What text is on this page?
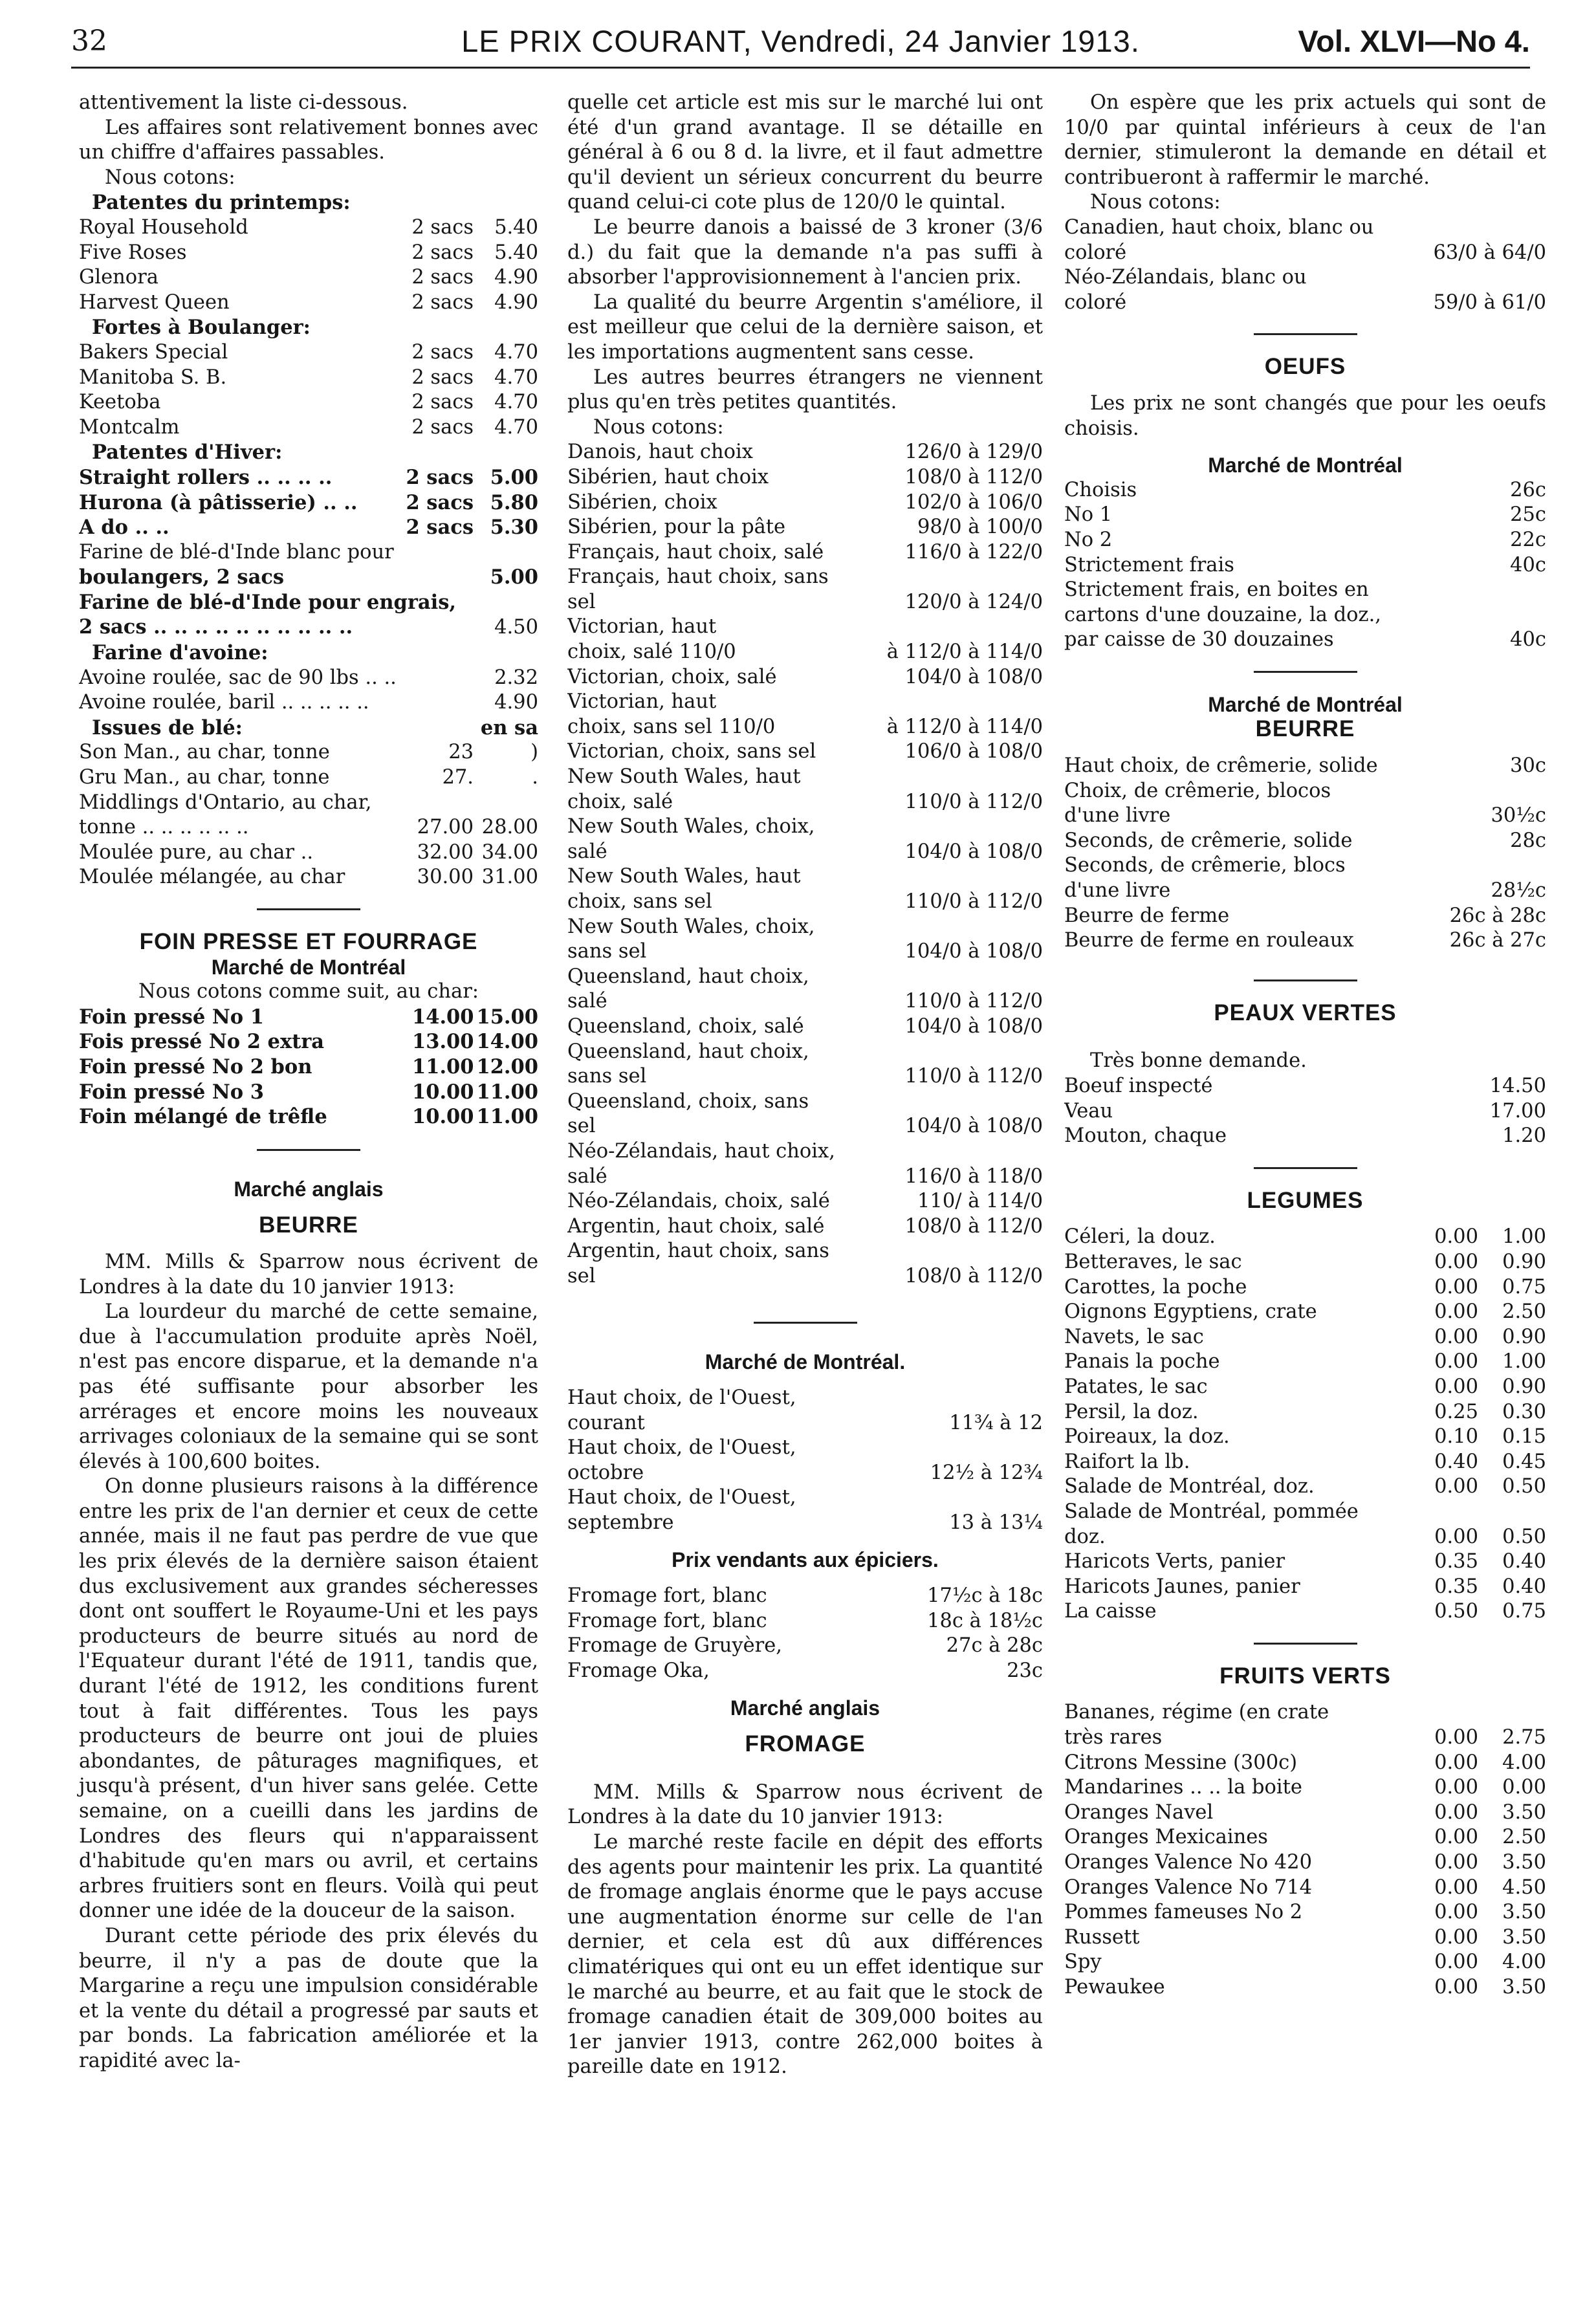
32	LE PRIX COURANT, Vendredi, 24 Janvier 1913.	Vol. XLVI—No 4.

attentivement la liste ci-dessous.

Les affaires sont relativement bonnes avec un chiffre d'affaires passables.

Nous cotons:

Patentes du printemps:
Royal Household	2 sacs	5.40
Five Roses	2 sacs	5.40
Glenora	2 sacs	4.90
Harvest Queen	2 sacs	4.90
Fortes à Boulanger:
Bakers Special	2 sacs	4.70
Manitoba S. B.	2 sacs	4.70
Keetoba	2 sacs	4.70
Montcalm	2 sacs	4.70
Patentes d'Hiver:
Straight rollers .. .. .. ..	2 sacs 5.00
Hurona (à pâtisserie) .. ..	2 sacs 5.80
A do .. ..	2 sacs 5.30
Farine de blé-d'Inde blanc pour
boulangers, 2 sacs	5.00
Farine de blé-d'Inde pour engrais,
2 sacs .. .. .. .. .. .. .. .. .. ..	4.50
Farine d'avoine:
Avoine roulée, sac de 90 lbs .. ..	2.32
Avoine roulée, baril .. .. .. .. ..	4.90
Issues de blé:	en sa
Son Man., au char, tonne	23	)
Gru Man., au char, tonne	27.	.
Middlings d'Ontario, au char,
tonne .. .. .. .. .. ..	27.00 28.00
Moulée pure, au char ..	32.00 34.00
Moulée mélangée, au char	30.00 31.00

FOIN PRESSE ET FOURRAGE

Marché de Montréal

Nous cotons comme suit, au char:

Foin pressé No 1	14.00 15.00
Fois pressé No 2 extra	13.00 14.00
Foin pressé No 2 bon	11.00 12.00
Foin pressé No 3	10.00 11.00
Foin mélangé de trêfle	10.00 11.00

Marché anglais

BEURRE

MM. Mills & Sparrow nous écrivent de Londres à la date du 10 janvier 1913:

La lourdeur du marché de cette semaine, due à l'accumulation produite après Noël, n'est pas encore disparue, et la demande n'a pas été suffisante pour absorber les arrérages et encore moins les nouveaux arrivages coloniaux de la semaine qui se sont élevés à 100,600 boites.

On donne plusieurs raisons à la différence entre les prix de l'an dernier et ceux de cette année, mais il ne faut pas perdre de vue que les prix élevés de la dernière saison étaient dus exclusivement aux grandes sécheresses dont ont souffert le Royaume-Uni et les pays producteurs de beurre situés au nord de l'Equateur durant l'été de 1911, tandis que, durant l'été de 1912, les conditions furent tout à fait différentes. Tous les pays producteurs de beurre ont joui de pluies abondantes, de pâturages magnifiques, et jusqu'à présent, d'un hiver sans gelée. Cette semaine, on a cueilli dans les jardins de Londres des fleurs qui n'apparaissent d'habitude qu'en mars ou avril, et certains arbres fruitiers sont en fleurs. Voilà qui peut donner une idée de la douceur de la saison.

Durant cette période des prix élevés du beurre, il n'y a pas de doute que la Margarine a reçu une impulsion considérable et la vente du détail a progressé par sauts et par bonds. La fabrication améliorée et la rapidité avec la-

quelle cet article est mis sur le marché lui ont été d'un grand avantage. Il se détaille en général à 6 ou 8 d. la livre, et il faut admettre qu'il devient un sérieux concurrent du beurre quand celui-ci cote plus de 120/0 le quintal.

Le beurre danois a baissé de 3 kroner (3/6 d.) du fait que la demande n'a pas suffi à absorber l'approvisionnement à l'ancien prix.

La qualité du beurre Argentin s'améliore, il est meilleur que celui de la dernière saison, et les importations augmentent sans cesse.

Les autres beurres étrangers ne viennent plus qu'en très petites quantités.

Nous cotons:

Danois, haut choix	126/0 à 129/0
Sibérien, haut choix	108/0 à 112/0
Sibérien, choix	102/0 à 106/0
Sibérien, pour la pâte	98/0 à 100/0
Français, haut choix, salé	116/0 à 122/0
Français, haut choix, sans
sel	120/0 à 124/0
Victorian, haut
choix, salé 110/0	à 112/0 à 114/0
Victorian, choix, salé	104/0 à 108/0
Victorian, haut
choix, sans sel 110/0	à 112/0 à 114/0
Victorian, choix, sans sel	106/0 à 108/0
New South Wales, haut
choix, salé	110/0 à 112/0
New South Wales, choix,
salé	104/0 à 108/0
New South Wales, haut
choix, sans sel	110/0 à 112/0
New South Wales, choix,
sans sel	104/0 à 108/0
Queensland, haut choix,
salé	110/0 à 112/0
Queensland, choix, salé	104/0 à 108/0
Queensland, haut choix,
sans sel	110/0 à 112/0
Queensland, choix, sans
sel	104/0 à 108/0
Néo-Zélandais, haut choix,
salé	116/0 à 118/0
Néo-Zélandais, choix, salé	110/ à 114/0
Argentin, haut choix, salé	108/0 à 112/0
Argentin, haut choix, sans
sel	108/0 à 112/0

Marché de Montréal.

Haut choix, de l'Ouest,
courant	11¾ à 12
Haut choix, de l'Ouest,
octobre	12½ à 12¾
Haut choix, de l'Ouest,
septembre	13 à 13¼

Prix vendants aux épiciers.

Fromage fort, blanc	17½c à 18c
Fromage fort, blanc	18c à 18½c
Fromage de Gruyère,	27c à 28c
Fromage Oka,	23c

Marché anglais

FROMAGE

MM. Mills & Sparrow nous écrivent de Londres à la date du 10 janvier 1913:

Le marché reste facile en dépit des efforts des agents pour maintenir les prix. La quantité de fromage anglais énorme que le pays accuse une augmentation énorme sur celle de l'an dernier, et cela est dû aux différences climatériques qui ont eu un effet identique sur le marché au beurre, et au fait que le stock de fromage canadien était de 309,000 boites au 1er janvier 1913, contre 262,000 boites à pareille date en 1912.

On espère que les prix actuels qui sont de 10/0 par quintal inférieurs à ceux de l'an dernier, stimuleront la demande en détail et contribueront à raffermir le marché.

Nous cotons:

Canadien, haut choix, blanc ou
coloré	63/0 à 64/0
Néo-Zélandais, blanc ou
coloré	59/0 à 61/0

OEUFS

Les prix ne sont changés que pour les oeufs choisis.

Marché de Montréal

Choisis	26c
No 1	25c
No 2	22c
Strictement frais	40c
Strictement frais, en boites en cartons d'une douzaine, la doz., par caisse de 30 douzaines	40c

Marché de Montréal

BEURRE

Haut choix, de crêmerie, solide	30c
Choix, de crêmerie, blocos d'une livre	30½c
Seconds, de crêmerie, solide	28c
Seconds, de crêmerie, blocs d'une livre	28½c
Beurre de ferme	26c à 28c
Beurre de ferme en rouleaux	26c à 27c

PEAUX VERTES

Très bonne demande.

Boeuf inspecté	14.50
Veau	17.00
Mouton, chaque	1.20

LEGUMES

Céleri, la douz.	0.00	1.00
Betteraves, le sac	0.00	0.90
Carottes, la poche	0.00	0.75
Oignons Egyptiens, crate	0.00	2.50
Navets, le sac	0.00	0.90
Panais la poche	0.00	1.00
Patates, le sac	0.00	0.90
Persil, la doz.	0.25	0.30
Poireaux, la doz.	0.10	0.15
Raifort la lb.	0.40	0.45
Salade de Montréal, doz.	0.00	0.50
Salade de Montréal, pommée
doz.	0.00	0.50
Haricots Verts, panier	0.35	0.40
Haricots Jaunes, panier	0.35	0.40
La caisse	0.50	0.75

FRUITS VERTS

Bananes, régime (en crate
très rares	0.00	2.75
Citrons Messine (300c)	0.00	4.00
Mandarines .. .. la boite	0.00	0.00
Oranges Navel	0.00	3.50
Oranges Mexicaines	0.00	2.50
Oranges Valence No 420	0.00	3.50
Oranges Valence No 714	0.00	4.50
Pommes fameuses No 2	0.00	3.50
Russett	0.00	3.50
Spy	0.00	4.00
Pewaukee	0.00	3.50
